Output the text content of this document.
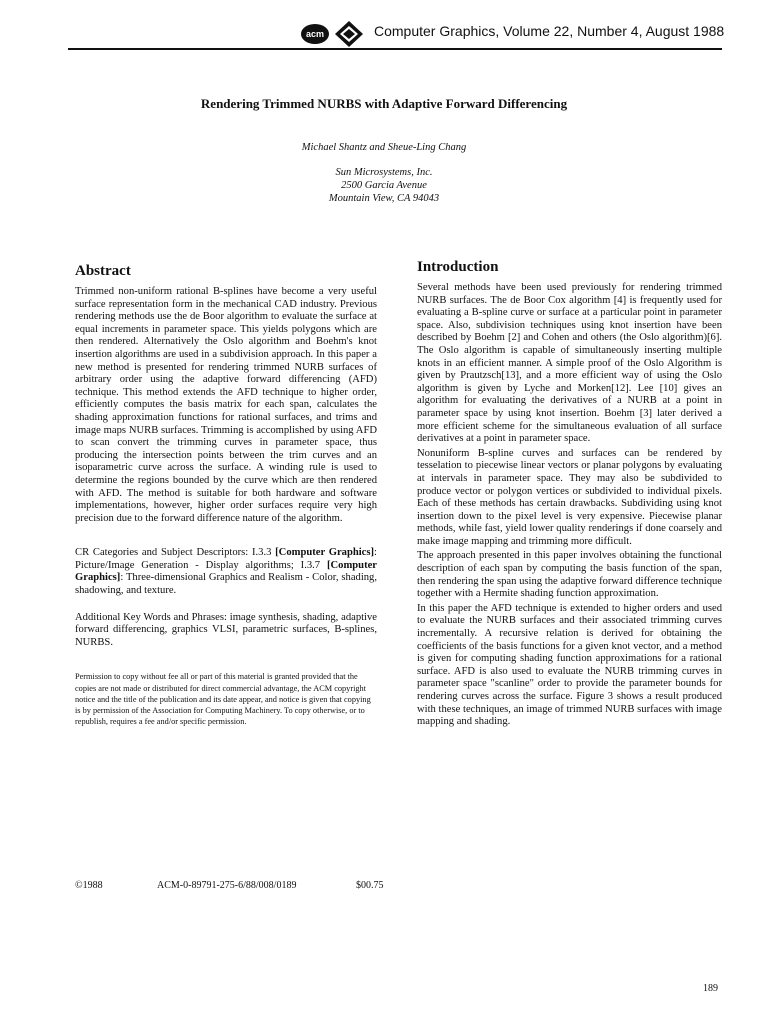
acm	Computer Graphics, Volume 22, Number 4, August 1988
Rendering Trimmed NURBS with Adaptive Forward Differencing
Michael Shantz and Sheue-Ling Chang
Sun Microsystems, Inc.
2500 Garcia Avenue
Mountain View, CA 94043
Abstract

Trimmed non-uniform rational B-splines have become a very useful surface representation form in the mechanical CAD industry. Previous rendering methods use the de Boor algorithm to evaluate the surface at equal increments in parameter space. This yields polygons which are then rendered. Alternatively the Oslo algorithm and Boehm's knot insertion algorithms are used in a subdivision approach. In this paper a new method is presented for rendering trimmed NURB surfaces of arbitrary order using the adaptive forward differencing (AFD) technique. This method extends the AFD technique to higher order, efficiently computes the basis matrix for each span, calculates the shading approximation functions for rational surfaces, and trims and image maps NURB surfaces. Trimming is accomplished by using AFD to scan convert the trimming curves in parameter space, thus producing the intersection points between the trim curves and an isoparametric curve across the surface. A winding rule is used to determine the regions bounded by the curve which are then rendered with AFD. The method is suitable for both hardware and software implementations, however, higher order surfaces require very high precision due to the forward difference nature of the algorithm.

CR Categories and Subject Descriptors: I.3.3 [Computer Graphics]: Picture/Image Generation - Display algorithms; I.3.7 [Computer Graphics]: Three-dimensional Graphics and Realism - Color, shading, shadowing, and texture.

Additional Key Words and Phrases: image synthesis, shading, adaptive forward differencing, graphics VLSI, parametric surfaces, B-splines, NURBS.

Permission to copy without fee all or part of this material is granted provided that the copies are not made or distributed for direct commercial advantage, the ACM copyright notice and the title of the publication and its date appear, and notice is given that copying is by permission of the Association for Computing Machinery. To copy otherwise, or to republish, requires a fee and/or specific permission.

Introduction

Several methods have been used previously for rendering trimmed NURB surfaces. The de Boor Cox algorithm [4] is frequently used for evaluating a B-spline curve or surface at a particular point in parameter space. Also, subdivision techniques using knot insertion have been described by Boehm [2] and Cohen and others (the Oslo algorithm)[6]. The Oslo algorithm is capable of simultaneously inserting multiple knots in an efficient manner. A simple proof of the Oslo Algorithm is given by Prautzsch[13], and a more efficient way of using the Oslo algorithm is given by Lyche and Morken[12]. Lee [10] gives an algorithm for evaluating the derivatives of a NURB at a point in parameter space by using knot insertion. Boehm [3] later derived a more efficient scheme for the simultaneous evaluation of all surface derivatives at a point in parameter space.

Nonuniform B-spline curves and surfaces can be rendered by tesselation to piecewise linear vectors or planar polygons by evaluating at intervals in parameter space. They may also be subdivided to produce vector or polygon vertices or subdivided to individual pixels. Each of these methods has certain drawbacks. Subdividing using knot insertion down to the pixel level is very expensive. Piecewise planar methods, while fast, yield lower quality renderings if done coarsely and make image mapping and trimming more difficult.

The approach presented in this paper involves obtaining the functional description of each span by computing the basis function of the span, then rendering the span using the adaptive forward difference technique together with a Hermite shading function approximation.

In this paper the AFD technique is extended to higher orders and used to evaluate the NURB surfaces and their associated trimming curves incrementally. A recursive relation is derived for obtaining the coefficients of the basis functions for a given knot vector, and a method is given for computing shading function approximations for a rational surface. AFD is also used to evaluate the NURB trimming curves in parameter space "scanline" order to provide the parameter bounds for rendering curves across the surface. Figure 3 shows a result produced with these techniques, an image of trimmed NURB surfaces with image mapping and shading.

©1988	ACM-0-89791-275-6/88/008/0189	$00.75
189
